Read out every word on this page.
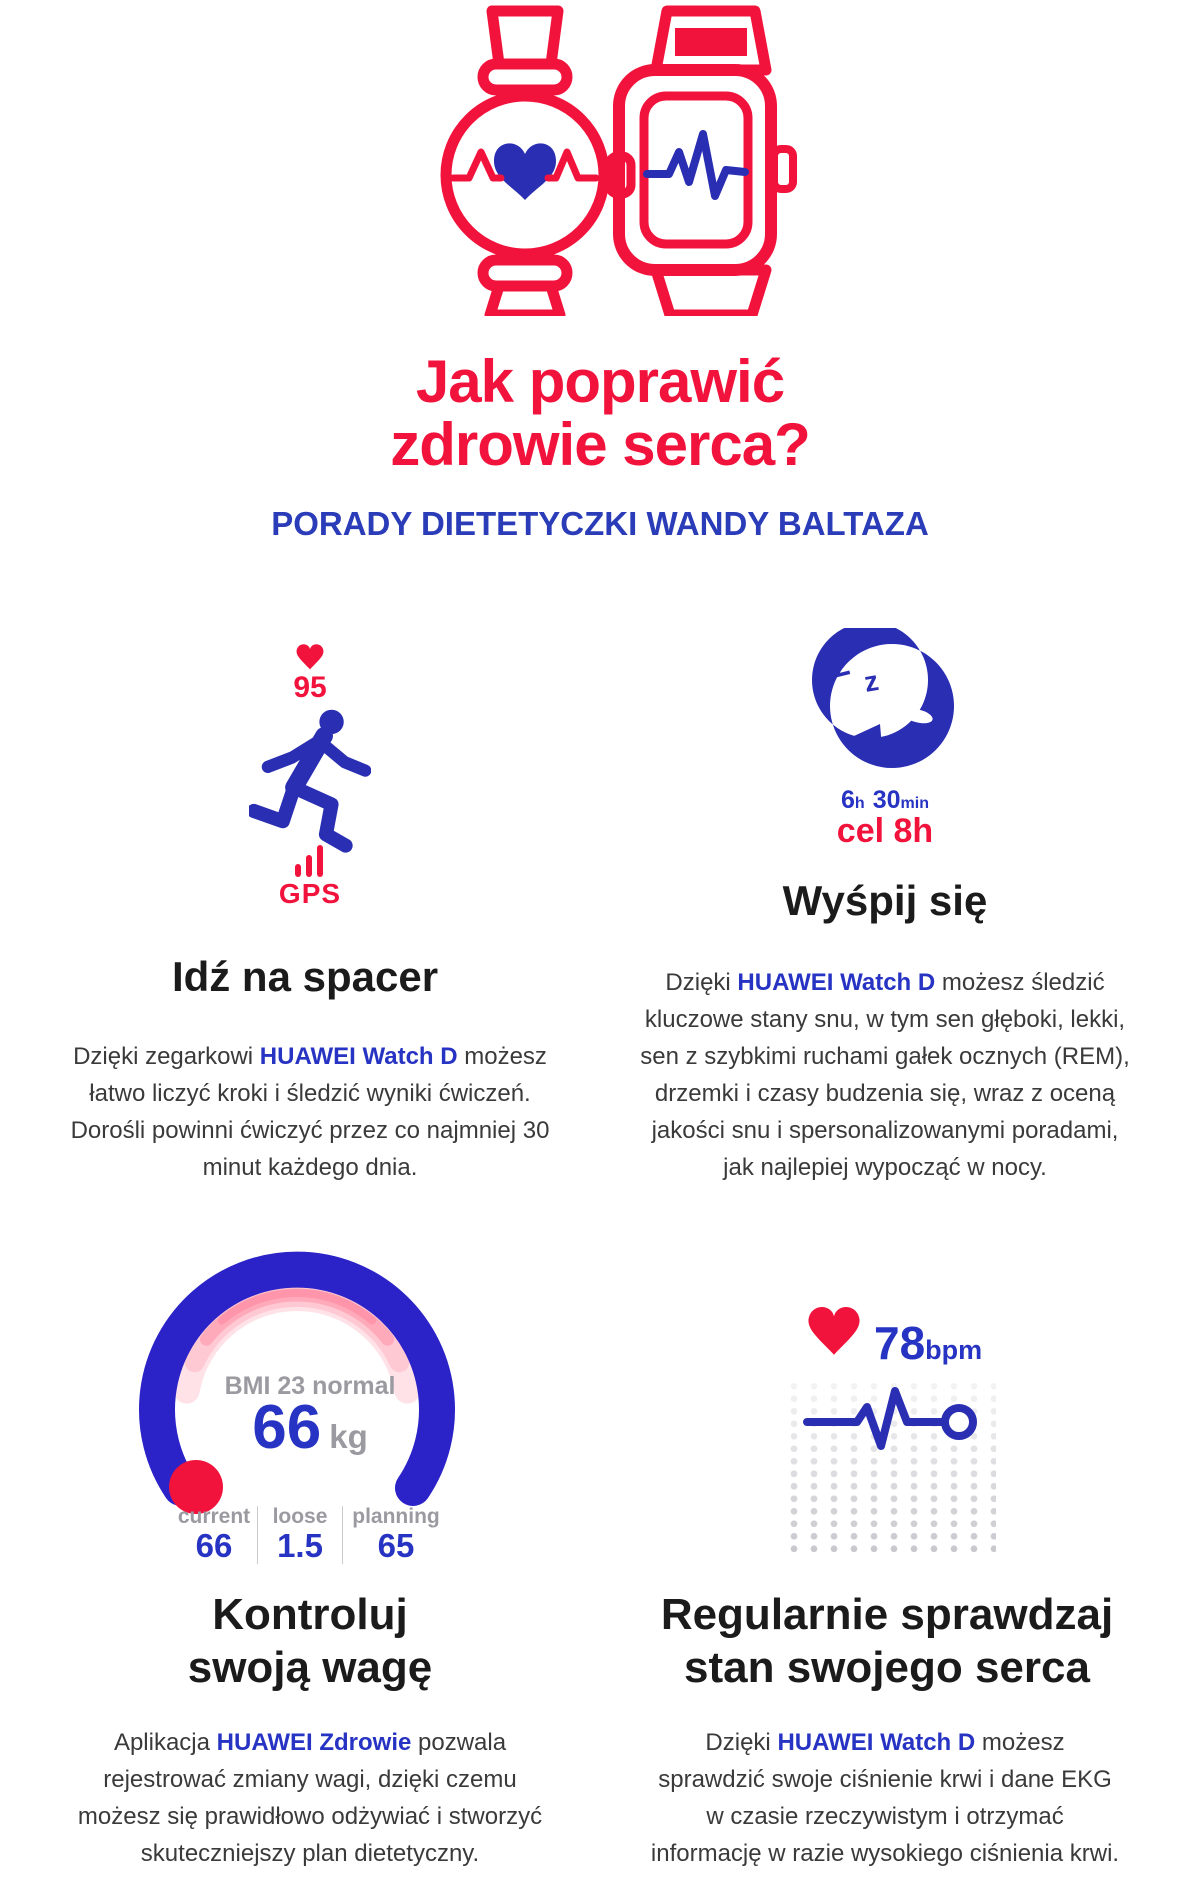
Jak poprawić
zdrowie serca?
PORADY DIETETYCZKI WANDY BALTAZA
95
GPS
Idź na spacer

Dzięki zegarkowi HUAWEI Watch D możesz łatwo liczyć kroki i śledzić wyniki ćwiczeń. Dorośli powinni ćwiczyć przez co najmniej 30 minut każdego dnia.

z z
6h 30min
cel 8h
Wyśpij się

Dzięki HUAWEI Watch D możesz śledzić kluczowe stany snu, w tym sen głęboki, lekki, sen z szybkimi ruchami gałek ocznych (REM), drzemki i czasy budzenia się, wraz z oceną jakości snu i spersonalizowanymi poradami, jak najlepiej wypocząć w nocy.

BMI 23 normal
66 kg
current
66
loose
1.5
planning
65
Kontroluj
swoją wagę

Aplikacja HUAWEI Zdrowie pozwala rejestrować zmiany wagi, dzięki czemu możesz się prawidłowo odżywiać i stworzyć skuteczniejszy plan dietetyczny.

78bpm
Regularnie sprawdzaj
stan swojego serca

Dzięki HUAWEI Watch D możesz sprawdzić swoje ciśnienie krwi i dane EKG w czasie rzeczywistym i otrzymać informację w razie wysokiego ciśnienia krwi.
